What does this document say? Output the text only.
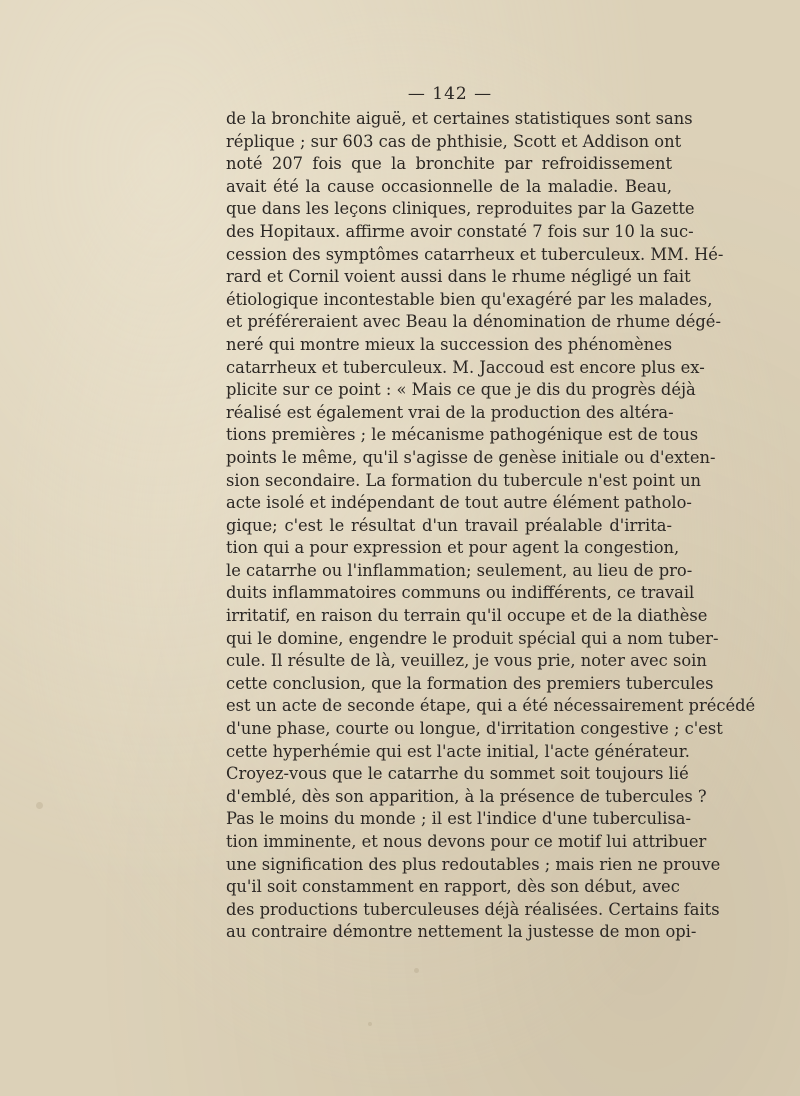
— 142 —
de la bronchite aiguë, et certaines statistiques sont sans
réplique ; sur 603 cas de phthisie, Scott et Addison ont
noté 207 fois que la bronchite par refroidissement
avait été la cause occasionnelle de la maladie. Beau,
que dans les leçons cliniques, reproduites par la Gazette
des Hopitaux. affirme avoir constaté 7 fois sur 10 la suc-
cession des symptômes catarrheux et tuberculeux. MM. Hé-
rard et Cornil voient aussi dans le rhume négligé un fait
étiologique incontestable bien qu'exagéré par les malades,
et préféreraient avec Beau la dénomination de rhume dégé-
neré qui montre mieux la succession des phénomènes
catarrheux et tuberculeux. M. Jaccoud est encore plus ex-
plicite sur ce point : « Mais ce que je dis du progrès déjà
réalisé est également vrai de la production des altéra-
tions premières ; le mécanisme pathogénique est de tous
points le même, qu'il s'agisse de genèse initiale ou d'exten-
sion secondaire. La formation du tubercule n'est point un
acte isolé et indépendant de tout autre élément patholo-
gique; c'est le résultat d'un travail préalable d'irrita-
tion qui a pour expression et pour agent la congestion,
le catarrhe ou l'inflammation; seulement, au lieu de pro-
duits inflammatoires communs ou indifférents, ce travail
irritatif, en raison du terrain qu'il occupe et de la diathèse
qui le domine, engendre le produit spécial qui a nom tuber-
cule. Il résulte de là, veuillez, je vous prie, noter avec soin
cette conclusion, que la formation des premiers tubercules
est un acte de seconde étape, qui a été nécessairement précédé
d'une phase, courte ou longue, d'irritation congestive ; c'est
cette hyperhémie qui est l'acte initial, l'acte générateur.
Croyez-vous que le catarrhe du sommet soit toujours lié
d'emblé, dès son apparition, à la présence de tubercules ?
Pas le moins du monde ; il est l'indice d'une tuberculisa-
tion imminente, et nous devons pour ce motif lui attribuer
une signification des plus redoutables ; mais rien ne prouve
qu'il soit constamment en rapport, dès son début, avec
des productions tuberculeuses déjà réalisées. Certains faits
au contraire démontre nettement la justesse de mon opi-
